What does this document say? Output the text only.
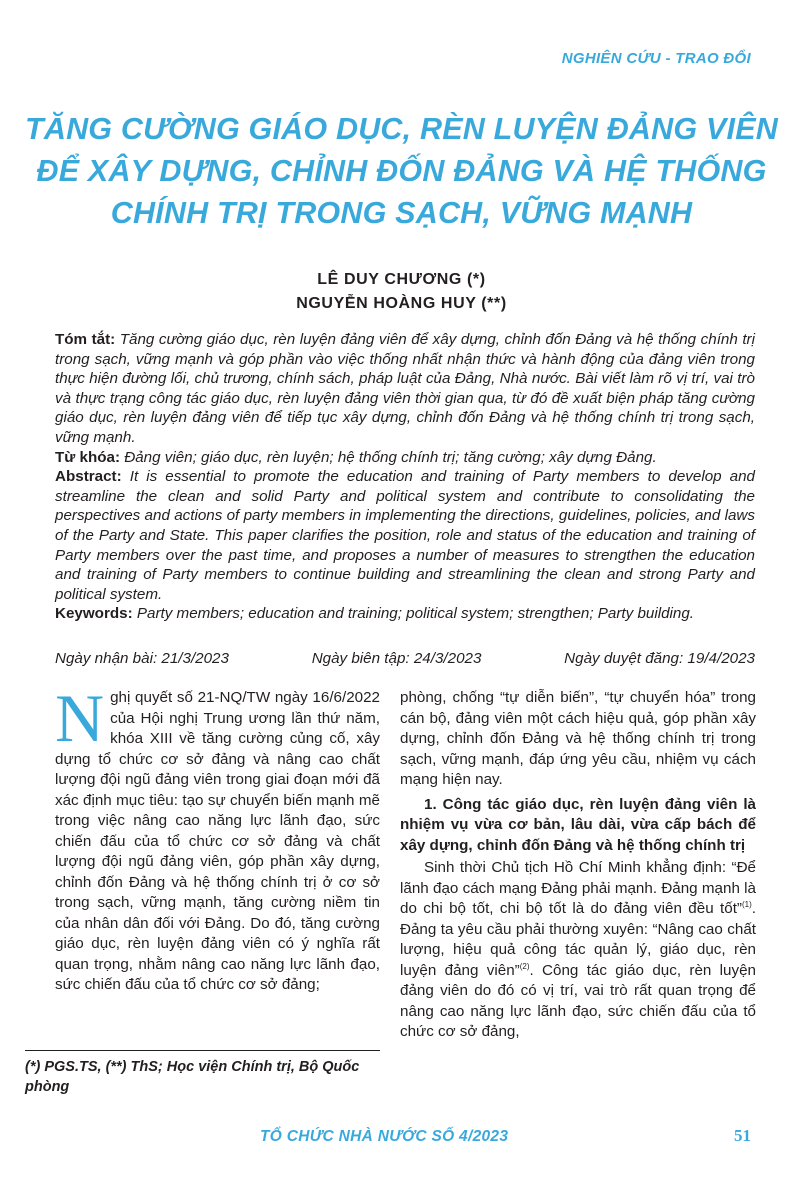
NGHIÊN CỨU - TRAO ĐỔI
TĂNG CƯỜNG GIÁO DỤC, RÈN LUYỆN ĐẢNG VIÊN ĐỂ XÂY DỰNG, CHỈNH ĐỐN ĐẢNG VÀ HỆ THỐNG CHÍNH TRỊ TRONG SẠCH, VỮNG MẠNH
LÊ DUY CHƯƠNG (*)
NGUYỄN HOÀNG HUY (**)

Tóm tắt: Tăng cường giáo dục, rèn luyện đảng viên để xây dựng, chỉnh đốn Đảng và hệ thống chính trị trong sạch, vững mạnh và góp phần vào việc thống nhất nhận thức và hành động của đảng viên trong thực hiện đường lối, chủ trương, chính sách, pháp luật của Đảng, Nhà nước. Bài viết làm rõ vị trí, vai trò và thực trạng công tác giáo dục, rèn luyện đảng viên thời gian qua, từ đó đề xuất biện pháp tăng cường giáo dục, rèn luyện đảng viên để tiếp tục xây dựng, chỉnh đốn Đảng và hệ thống chính trị trong sạch, vững mạnh.

Từ khóa: Đảng viên; giáo dục, rèn luyện; hệ thống chính trị; tăng cường; xây dựng Đảng.

Abstract: It is essential to promote the education and training of Party members to develop and streamline the clean and solid Party and political system and contribute to consolidating the perspectives and actions of party members in implementing the directions, guidelines, policies, and laws of the Party and State. This paper clarifies the position, role and status of the education and training of Party members over the past time, and proposes a number of measures to strengthen the education and training of Party members to continue building and streamlining the clean and strong Party and political system.

Keywords: Party members; education and training; political system; strengthen; Party building.

Ngày nhận bài: 21/3/2023	Ngày biên tập: 24/3/2023	Ngày duyệt đăng: 19/4/2023

Nghị quyết số 21-NQ/TW ngày 16/6/2022 của Hội nghị Trung ương lần thứ năm, khóa XIII về tăng cường củng cố, xây dựng tổ chức cơ sở đảng và nâng cao chất lượng đội ngũ đảng viên trong giai đoạn mới đã xác định mục tiêu: tạo sự chuyển biến mạnh mẽ trong việc nâng cao năng lực lãnh đạo, sức chiến đấu của tổ chức cơ sở đảng và chất lượng đội ngũ đảng viên, góp phần xây dựng, chỉnh đốn Đảng và hệ thống chính trị ở cơ sở trong sạch, vững mạnh, tăng cường niềm tin của nhân dân đối với Đảng. Do đó, tăng cường giáo dục, rèn luyện đảng viên có ý nghĩa rất quan trọng, nhằm nâng cao năng lực lãnh đạo, sức chiến đấu của tổ chức cơ sở đảng;

phòng, chống “tự diễn biến”, “tự chuyển hóa” trong cán bộ, đảng viên một cách hiệu quả, góp phần xây dựng, chỉnh đốn Đảng và hệ thống chính trị trong sạch, vững mạnh, đáp ứng yêu cầu, nhiệm vụ cách mạng hiện nay.

1. Công tác giáo dục, rèn luyện đảng viên là nhiệm vụ vừa cơ bản, lâu dài, vừa cấp bách để xây dựng, chỉnh đốn Đảng và hệ thống chính trị

Sinh thời Chủ tịch Hồ Chí Minh khẳng định: “Để lãnh đạo cách mạng Đảng phải mạnh. Đảng mạnh là do chi bộ tốt, chi bộ tốt là do đảng viên đều tốt”$^{(1)}$. Đảng ta yêu cầu phải thường xuyên: “Nâng cao chất lượng, hiệu quả công tác quản lý, giáo dục, rèn luyện đảng viên”$^{(2)}$. Công tác giáo dục, rèn luyện đảng viên do đó có vị trí, vai trò rất quan trọng để nâng cao năng lực lãnh đạo, sức chiến đấu của tổ chức cơ sở đảng,

(*) PGS.TS, (**) ThS; Học viện Chính trị, Bộ Quốc phòng
TỔ CHỨC NHÀ NƯỚC SỐ 4/2023	51
